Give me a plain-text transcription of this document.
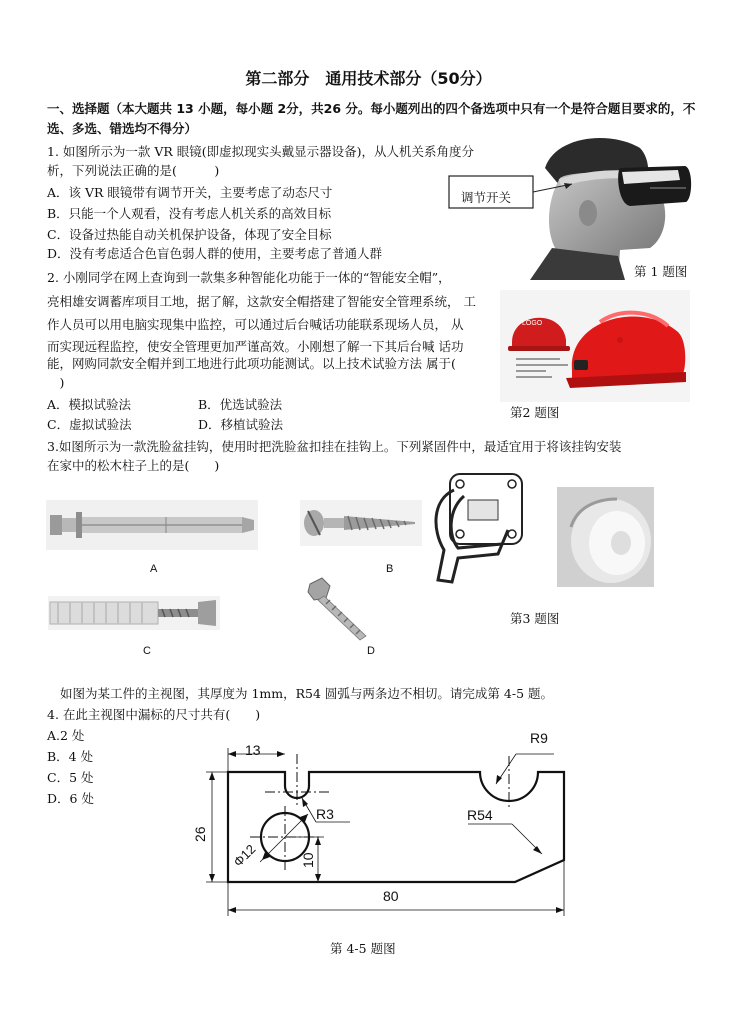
第二部分　通用技术部分（50分）
一、选择题（本大题共 13 小题，每小题 2分，共26 分。每小题列出的四个备选项中只有一个是符合题目要求的，不
选、多选、错选均不得分）
1. 如图所示为一款 VR 眼镜(即虚拟现实头戴显示器设备)，从人机关系角度分
析，下列说法正确的是(　　　)
A．该 VR 眼镜带有调节开关，主要考虑了动态尺寸
B．只能一个人观看，没有考虑人机关系的高效目标
C．设备过热能自动关机保护设备，体现了安全目标
D．没有考虑适合色盲色弱人群的使用，主要考虑了普通人群
调节开关
第 1 题图
2. 小刚同学在网上查询到一款集多种智能化功能于一体的“智能安全帽”，
亮相雄安调蓄库项目工地，据了解，这款安全帽搭建了智能安全管理系统， 工
作人员可以用电脑实现集中监控，可以通过后台喊话功能联系现场人员， 从
而实现远程监控，使安全管理更加严谨高效。小刚想了解一下其后台喊 话功
能，网购同款安全帽并到工地进行此项功能测试。以上技术试验方法 属于(
　)
A．模拟试验法	B．优选试验法
C．虚拟试验法	D．移植试验法
LOGO
第2 题图
3.如图所示为一款洗脸盆挂钩，使用时把洗脸盆扣挂在挂钩上。下列紧固件中，最适宜用于将该挂钩安装
在家中的松木柱子上的是(　　)
A	B
第3 题图
C	D
如图为某工件的主视图，其厚度为 1mm，R54 圆弧与两条边不相切。请完成第 4-5 题。
4. 在此主视图中漏标的尺寸共有(　　)
A.2 处
B．4 处
C．5 处
D．6 处
13
R9
R3	R54
26
Φ12	10
80
第 4-5 题图
